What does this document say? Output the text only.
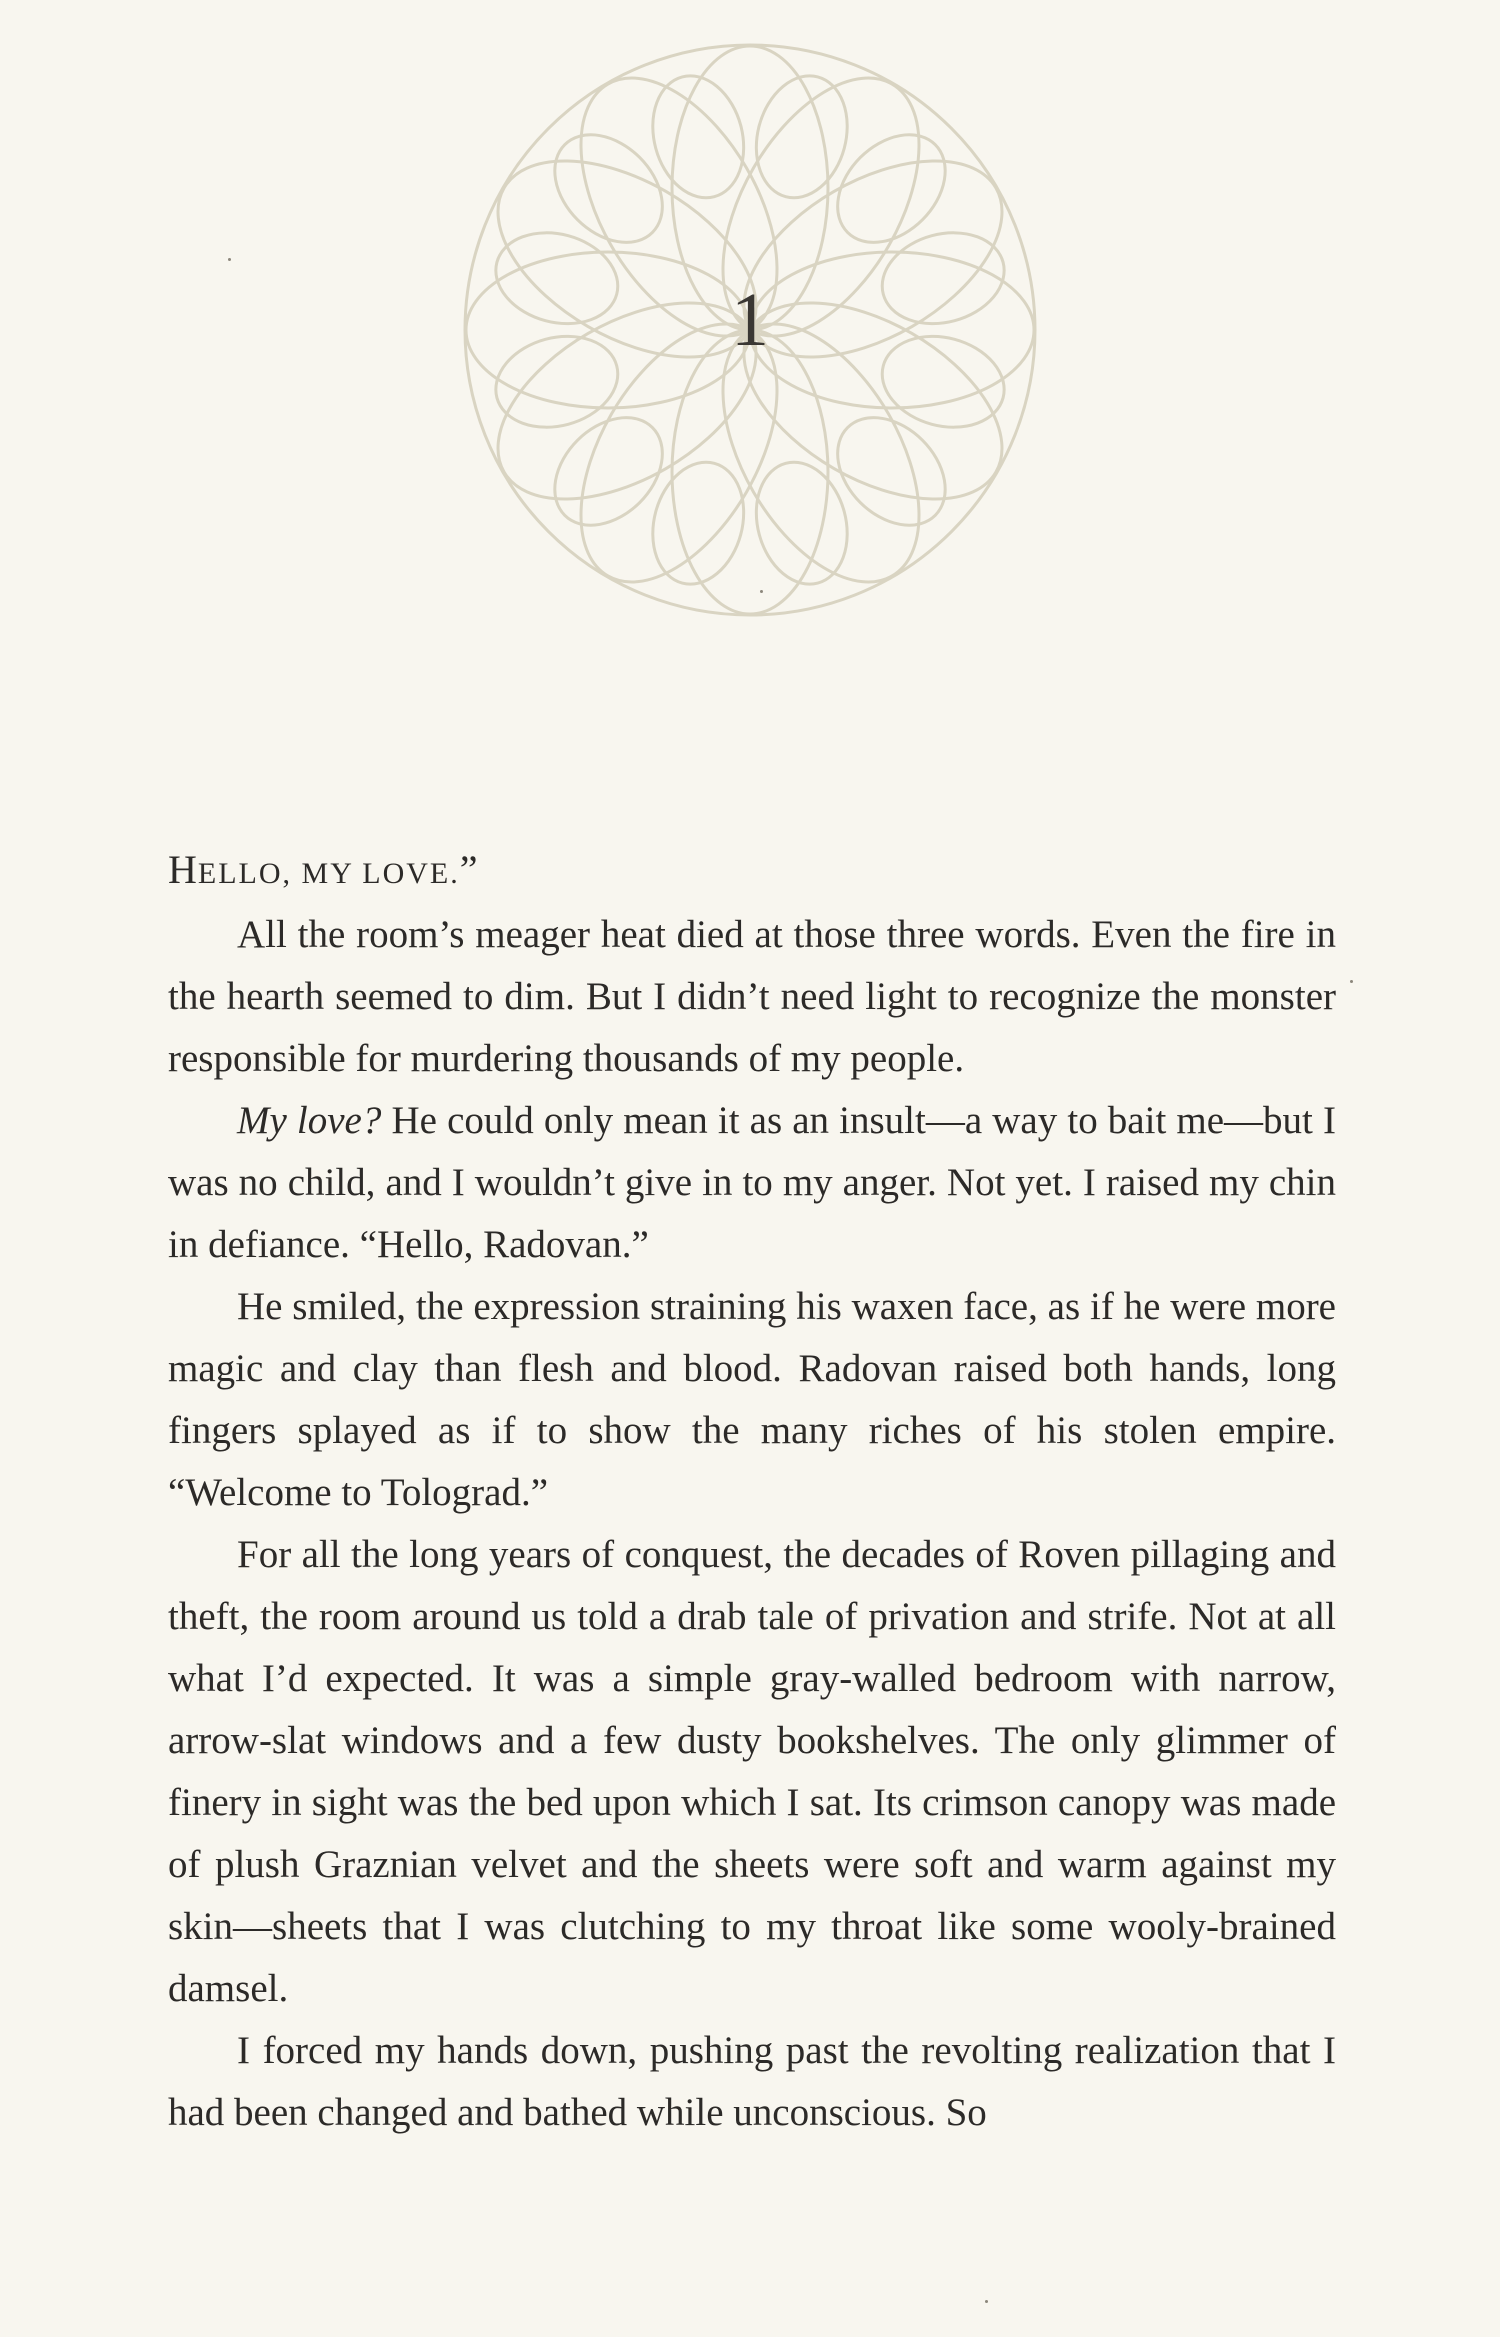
1

HELLO, MY LOVE.”

All the room’s meager heat died at those three words. Even the fire in the hearth seemed to dim. But I didn’t need light to recognize the monster responsible for murdering thousands of my people.

My love? He could only mean it as an insult—a way to bait me—but I was no child, and I wouldn’t give in to my anger. Not yet. I raised my chin in defiance. “Hello, Radovan.”

He smiled, the expression straining his waxen face, as if he were more magic and clay than flesh and blood. Radovan raised both hands, long fingers splayed as if to show the many riches of his stolen empire. “Welcome to Tolograd.”

For all the long years of conquest, the decades of Roven pillaging and theft, the room around us told a drab tale of privation and strife. Not at all what I’d expected. It was a simple gray-walled bedroom with narrow, arrow-slat windows and a few dusty bookshelves. The only glimmer of finery in sight was the bed upon which I sat. Its crimson canopy was made of plush Graznian velvet and the sheets were soft and warm against my skin—sheets that I was clutching to my throat like some wooly-brained damsel.

I forced my hands down, pushing past the revolting realization that I had been changed and bathed while unconscious. So
